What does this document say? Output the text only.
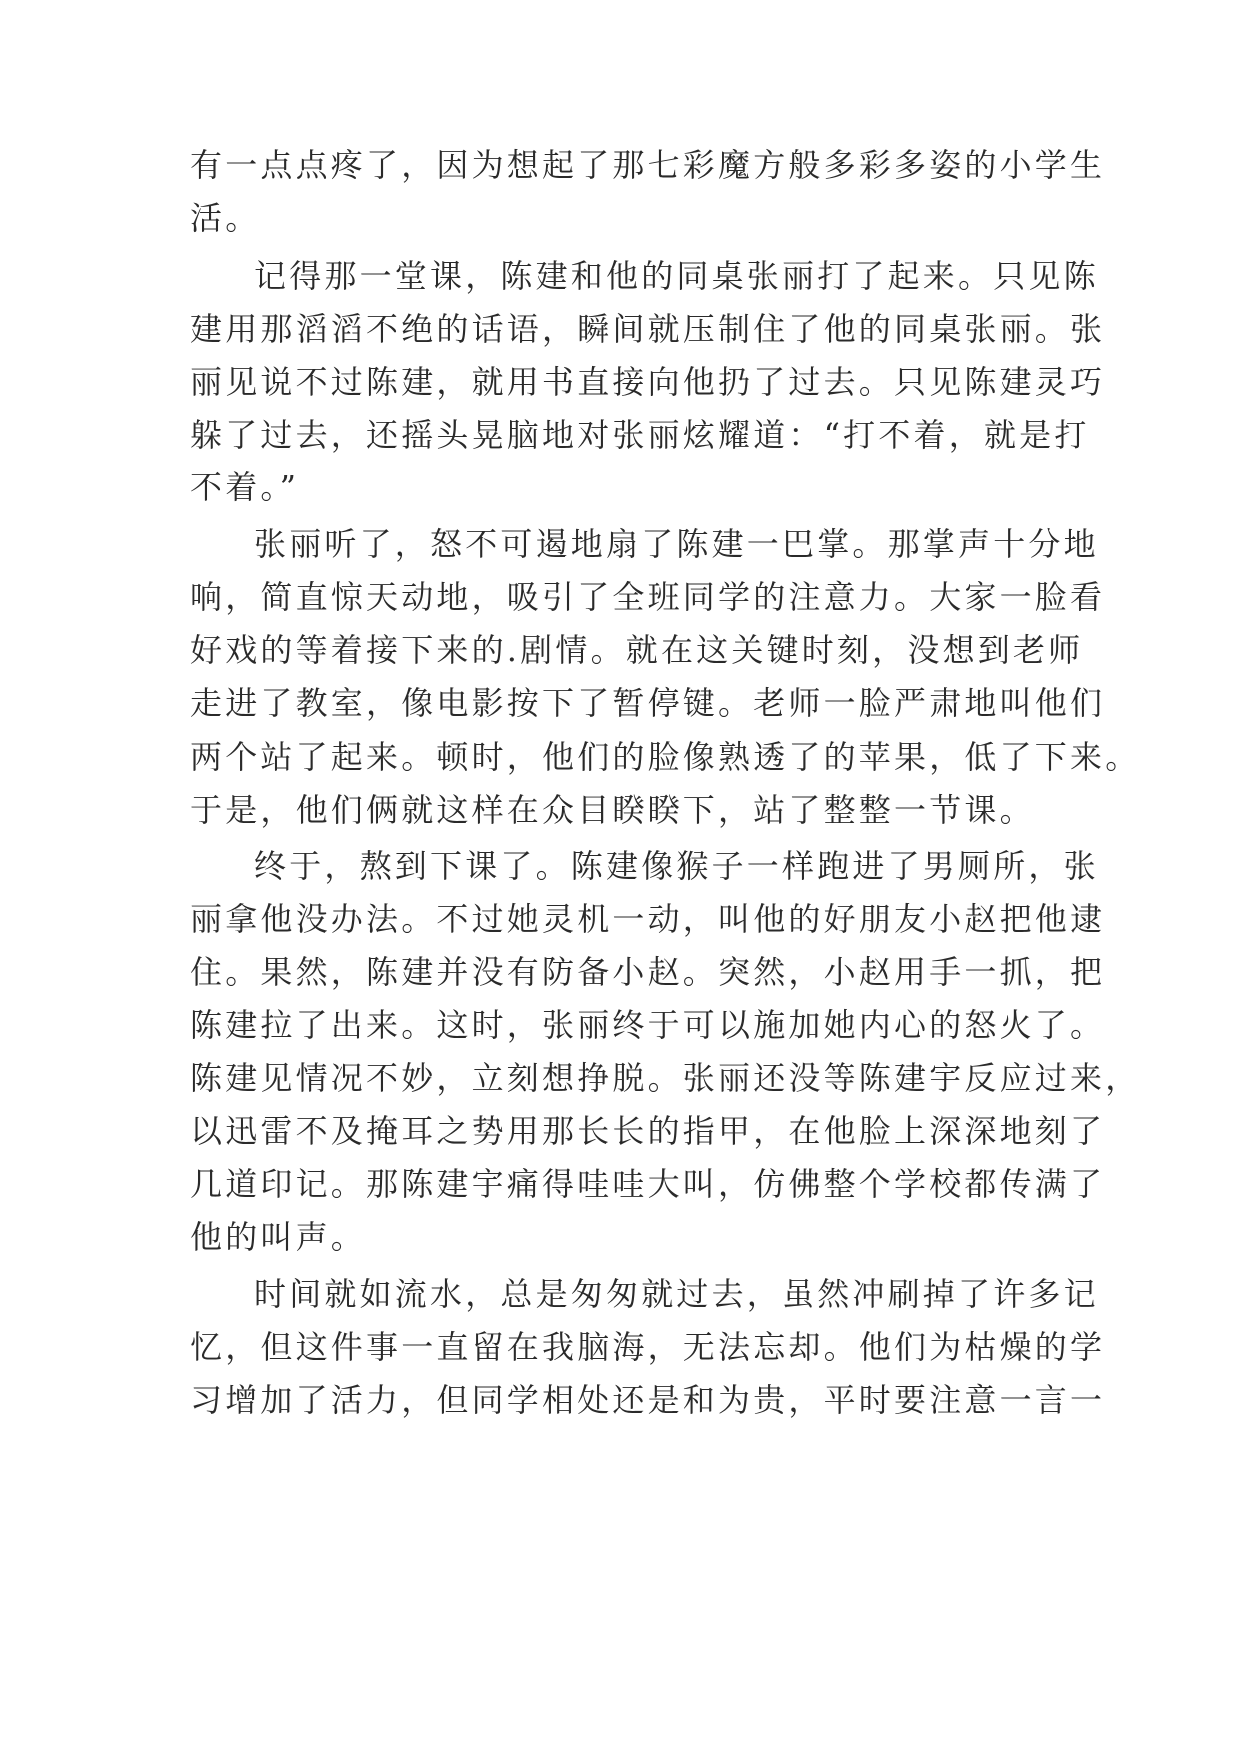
有一点点疼了，因为想起了那七彩魔方般多彩多姿的小学生
活。
记得那一堂课，陈建和他的同桌张丽打了起来。只见陈
建用那滔滔不绝的话语，瞬间就压制住了他的同桌张丽。张
丽见说不过陈建，就用书直接向他扔了过去。只见陈建灵巧
躲了过去，还摇头晃脑地对张丽炫耀道：“打不着，就是打
不着。”
张丽听了，怒不可遏地扇了陈建一巴掌。那掌声十分地
响，简直惊天动地，吸引了全班同学的注意力。大家一脸看
好戏的等着接下来的.剧情。就在这关键时刻，没想到老师
走进了教室，像电影按下了暂停键。老师一脸严肃地叫他们
两个站了起来。顿时，他们的脸像熟透了的苹果，低了下来。
于是，他们俩就这样在众目睽睽下，站了整整一节课。
终于，熬到下课了。陈建像猴子一样跑进了男厕所，张
丽拿他没办法。不过她灵机一动，叫他的好朋友小赵把他逮
住。果然，陈建并没有防备小赵。突然，小赵用手一抓，把
陈建拉了出来。这时，张丽终于可以施加她内心的怒火了。
陈建见情况不妙，立刻想挣脱。张丽还没等陈建宇反应过来，
以迅雷不及掩耳之势用那长长的指甲，在他脸上深深地刻了
几道印记。那陈建宇痛得哇哇大叫，仿佛整个学校都传满了
他的叫声。
时间就如流水，总是匆匆就过去，虽然冲刷掉了许多记
忆，但这件事一直留在我脑海，无法忘却。他们为枯燥的学
习增加了活力，但同学相处还是和为贵，平时要注意一言一
